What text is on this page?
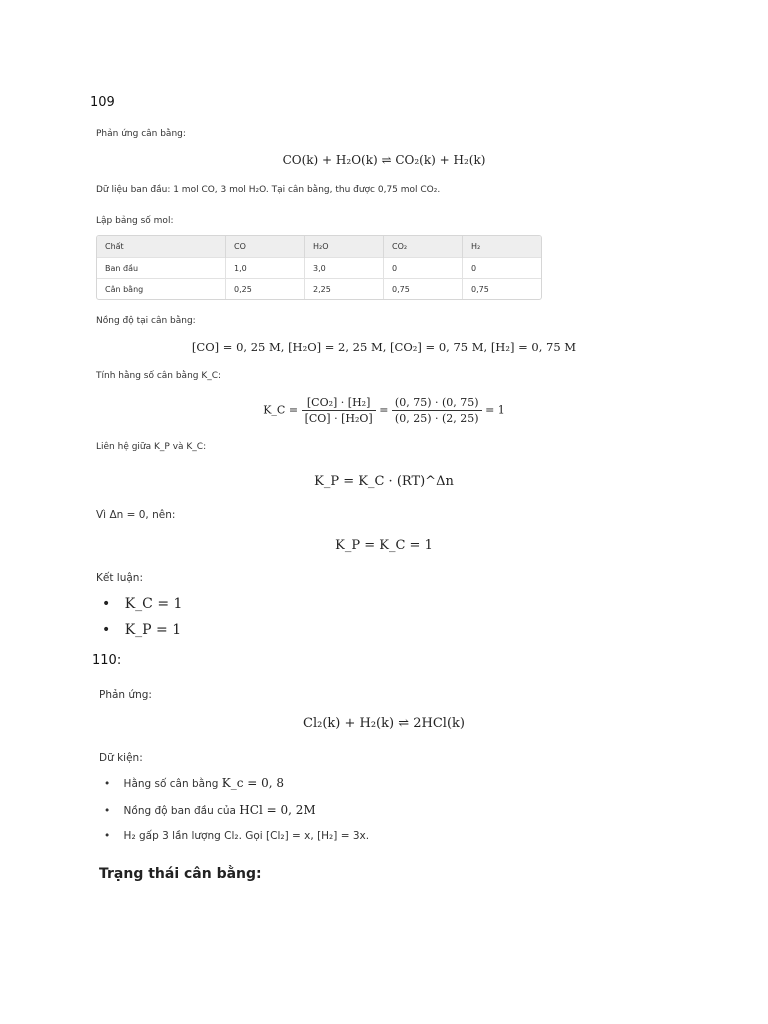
109
Phản ứng cân bằng:
CO(k) + H₂O(k) ⇌ CO₂(k) + H₂(k)
Dữ liệu ban đầu: 1 mol CO, 3 mol H₂O. Tại cân bằng, thu được 0,75 mol CO₂.
Lập bảng số mol:
Chất	CO	H₂O	CO₂	H₂
Ban đầu	1,0	3,0	0	0
Cân bằng	0,25	2,25	0,75	0,75
Nồng độ tại cân bằng:
[CO] = 0, 25 M, [H₂O] = 2, 25 M, [CO₂] = 0, 75 M, [H₂] = 0, 75 M
Tính hằng số cân bằng K_C:
K_C = $\frac{\text{[CO₂] · [H₂]}}{\text{[CO] · [H₂O]}} = \frac{(0, 75) \cdot (0, 75)}{(0, 25) \cdot (2, 25)} = 1$
Liên hệ giữa K_P và K_C:
K_P = K_C · (RT)^Δn
Vì Δn = 0, nên:
K_P = K_C = 1
Kết luận:
• K_C = 1
• K_P = 1
110:
Phản ứng:
Cl₂(k) + H₂(k) ⇌ 2HCl(k)
Dữ kiện:
• Hằng số cân bằng K_c = 0, 8
• Nồng độ ban đầu của HCl = 0, 2M
• H₂ gấp 3 lần lượng Cl₂. Gọi [Cl₂] = x, [H₂] = 3x.
Trạng thái cân bằng:
